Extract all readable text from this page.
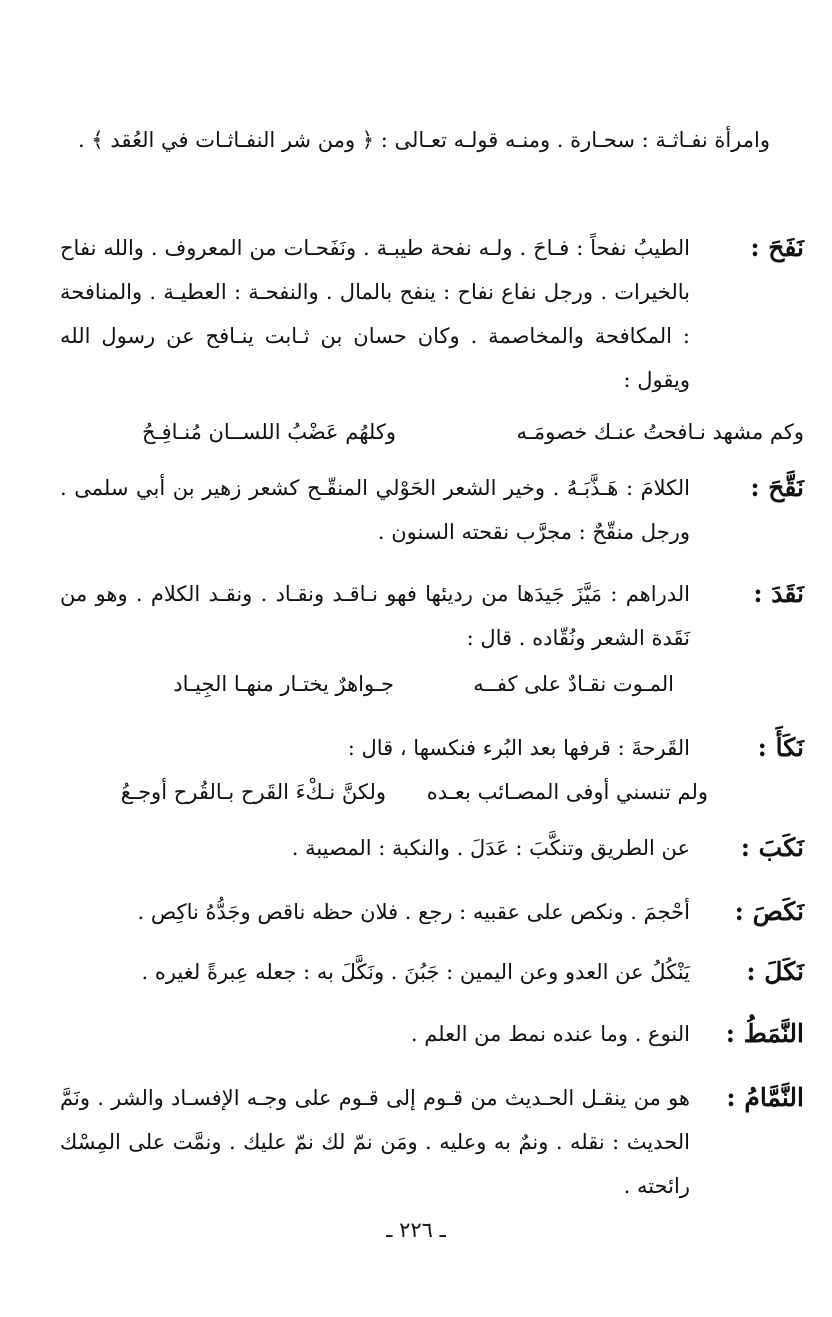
وامرأة نفـاثـة : سحـارة . ومنـه قولـه تعـالى : ﴿ ومن شر النفـاثـات في العُقد ﴾ .
نَفَحَ :
الطيبُ نفحاً : فـاحَ . ولـه نفحة طيبـة . ونَفَحـات من المعروف . والله نفاح بالخيرات . ورجل نفاع نفاح : ينفح بالمال . والنفحـة : العطيـة . والمنافحة : المكافحة والمخاصمة . وكان حسان بن ثـابت ينـافح عن رسول الله ويقول :
وكم مشهد نـافحتُ عنـك خصومَـه
وكلهُم عَضْبُ اللســان مُنـافِـحُ
نَقَّحَ :
الكلامَ : هَـذَّبَـهُ . وخير الشعر الحَوْلي المنقّـح كشعر زهير بن أبي سلمى . ورجل منقّحٌ : مجرَّب نقحته السنون .
نَقَدَ :
الدراهم : مَيَّزَ جَيدَها من رديئها فهو نـاقـد ونقـاد . ونقـد الكلام . وهو من نَقَدة الشعر ونُقّاده . قال :
المـوت نقـادٌ على كفــه
جـواهرٌ يختـار منهـا الجِيـاد
نَكَأَ :
القَرحةَ : قرفها بعد البُرء فنكسها ، قال :
ولم تنسني أوفى المصـائب بعـده
ولكنَّ نـكْءَ القَرح بـالقُرح أوجـعُ
نَكَبَ :
عن الطريق وتنكَّبَ : عَدَلَ . والنكبة : المصيبة .
نَكَصَ :
أحْجمَ . ونكص على عقبيه : رجع . فلان حظه ناقص وجَدُّهُ ناكِص .
نَكَلَ :
يَنْكُلُ عن العدو وعن اليمين : جَبُنَ . ونَكَّلَ به : جعله عِبرةً لغيره .
النَّمَطُ :
النوع . وما عنده نمط من العلم .
النَّمَّامُ :
هو من ينقـل الحـديث من قـوم إلى قـوم على وجـه الإفسـاد والشر . ونَمَّ الحديث : نقله . ونمٌ به وعليه . ومَن نمّ لك نمّ عليك . ونمَّت على المِسْك رائحته .
ـ ٢٢٦ ـ
